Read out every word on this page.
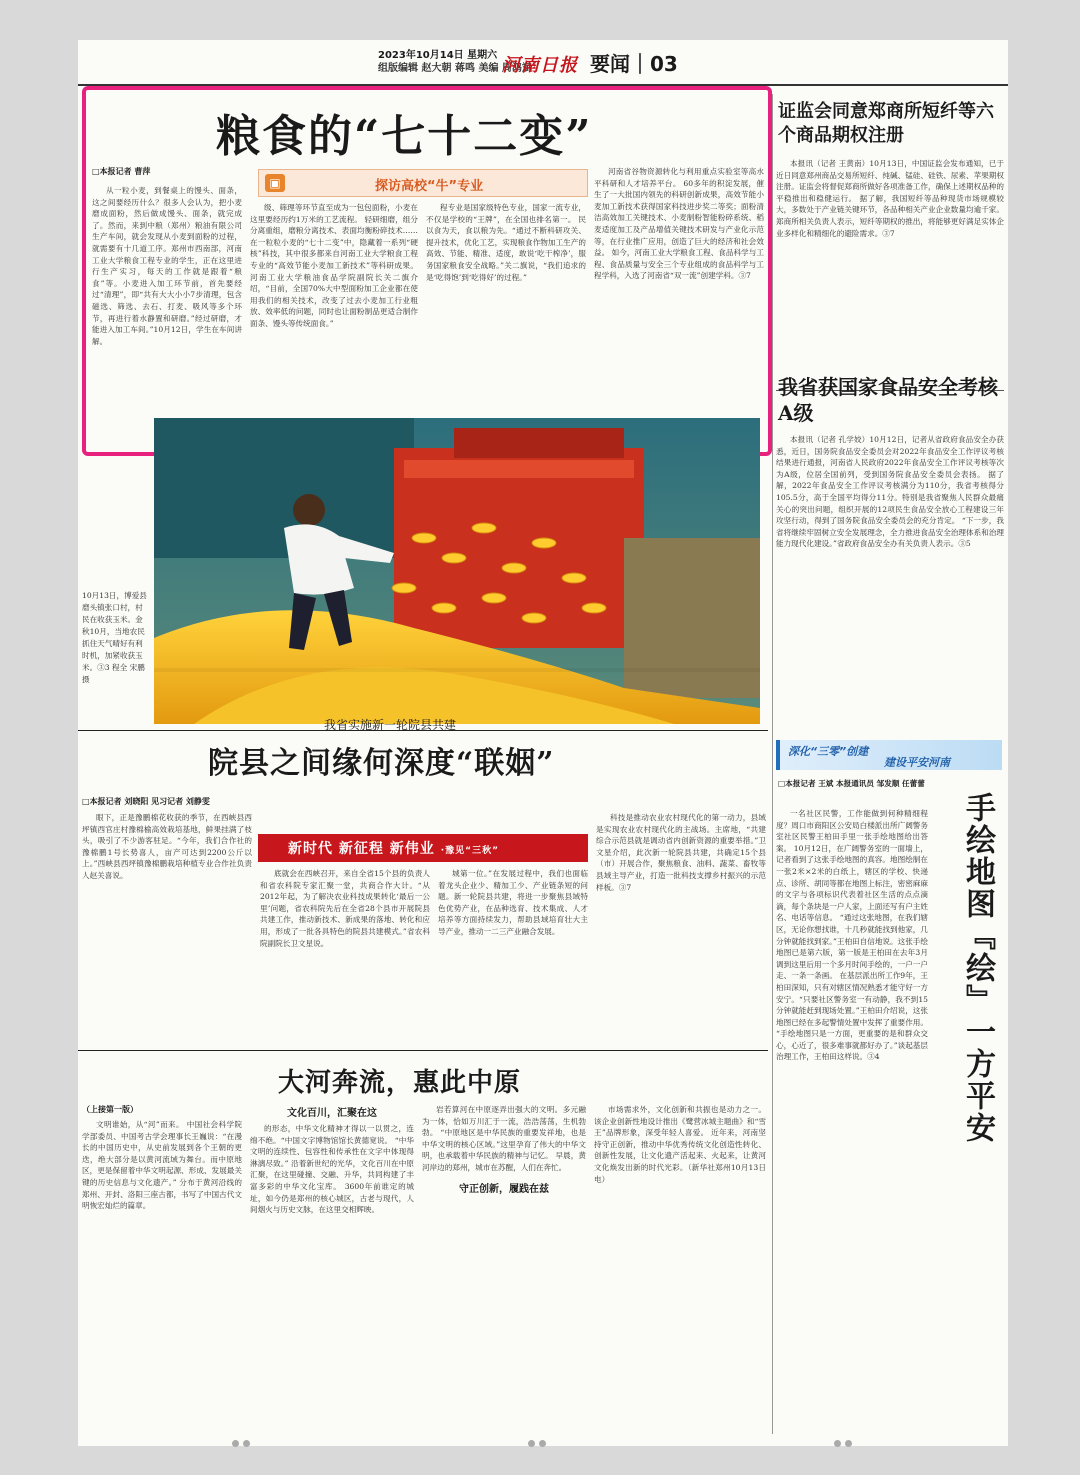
2023年10月14日 星期六
组版编辑 赵大朝 蒋鸣 美编 周鸿斌
河南日报 要闻｜03
粮食的“七十二变”
▣	探访高校“牛”专业
□本报记者 曹萍

从一粒小麦，到餐桌上的馒头、面条，这之间要经历什么？很多人会认为，把小麦磨成面粉，然后做成馒头、面条，就完成了。然而，来到中粮（郑州）粮油有限公司生产车间，就会发现从小麦到面粉的过程，就需要有十几道工序。郑州市西南部，河南工业大学粮食工程专业的学生，正在这里进行生产实习，每天的工作就是跟着“粮食”等。小麦进入加工环节前，首先要经过“清理”，即“共有大大小小7步清理，包含磁选、筛选、去石、打麦、吸风等多个环节，再进行着水静置和研磨。”经过研磨，才能进入加工车间。”10月12日，学生在车间讲解。

级、筛理等环节直至成为一包包面粉，小麦在这里要经历约1万米的工艺流程。 轻研细磨，组分分离重组，磨粮分离技术、表面均衡粉碎技术……在一粒粒小麦的“七十二变”中，隐藏着一系列“硬核”科技，其中很多都来自河南工业大学粮食工程专业的“高效节能小麦加工新技术”等科研成果。 河南工业大学粮油食品学院副院长关二旗介绍，“目前，全国70%大中型面粉加工企业都在使用我们的相关技术，改变了过去小麦加工行业粗放、效率低的问题，同时也让面粉制品更适合制作面条、馒头等传统面食。”

程专业是国家级特色专业，国家一流专业，不仅是学校的“王牌”，在全国也排名第一。 民以食为天，食以粮为先。“通过不断科研攻关、提升技术，优化工艺，实现粮食作物加工生产的高效、节能、精准、适度，敢说‘吃干榨净’，服务国家粮食安全战略。”关二旗说，“我们追求的是‘吃得饱’到‘吃得好’的过程。”

河南省谷物资源转化与利用重点实验室等高水平科研和人才培养平台。 60多年的积淀发展，催生了一大批国内领先的科研创新成果，高效节能小麦加工新技术获得国家科技进步奖二等奖；面粉清洁高效加工关键技术、小麦制粉智能粉碎系统、稻麦适度加工及产品增值关键技术研发与产业化示范等，在行业推广应用，创造了巨大的经济和社会效益。 如今，河南工业大学粮食工程、食品科学与工程、食品质量与安全三个专业组成的食品科学与工程学科，入选了河南省“双一流”创建学科。③7

证监会同意郑商所短纤等六个商品期权注册

本报讯（记者 王黄南）10月13日，中国证监会发布通知，已于近日同意郑州商品交易所短纤、纯碱、锰硅、硅铁、尿素、苹果期权注册。证监会将督促郑商所做好各项准备工作，确保上述期权品种的平稳推出和稳健运行。 据了解，我国短纤等品种现货市场规模较大，多数处于产业链关键环节，各品种相关产业企业数量均逾千家。郑商所相关负责人表示，短纤等期权的推出，将能够更好满足实体企业多样化和精细化的避险需求。③7

我省获国家食品安全考核A级

本报讯（记者 孔学姣）10月12日，记者从省政府食品安全办获悉，近日，国务院食品安全委员会对2022年食品安全工作评议考核结果进行通报，河南省人民政府2022年食品安全工作评议考核等次为A级，位居全国前列，受到国务院食品安全委员会表扬。 据了解，2022年食品安全工作评议考核满分为110分，我省考核得分105.5分，高于全国平均得分11分。特别是我省聚焦人民群众最痛关心的突出问题，组织开展的12项民生食品安全放心工程建设三年攻坚行动，得到了国务院食品安全委员会的充分肯定。 “下一步，我省将继续牢固树立安全发展理念，全力推进食品安全治理体系和治理能力现代化建设。”省政府食品安全办有关负责人表示。③5

深化“三零”创建
建设平安河南
□本报记者 王斌 本报通讯员 邹发顺 任蕾蕾

一名社区民警，工作能做到何种精细程度？周口市商阳区公安局白楼派出所广阔警务室社区民警王柏田手里一张手绘地图给出答案。 10月12日，在广阔警务室的一面墙上，记者看到了这张手绘地图的真容。地图绘制在一张2米×2米的白纸上，辖区的学校、快递点、诊所、胡同等都在地图上标注，密密麻麻的文字与各项标识代表着社区生活的点点滴滴，每个条块是一户人家，上面还写有户主姓名、电话等信息。 “通过这张地图，在我们辖区，无论你想找谁，十几秒就能找到他家，几分钟就能找到家。”王柏田自信地说。这张手绘地图已是第六版，第一版是王柏田在去年3月调到这里后用一个多月时间手绘的，一户一户走、一条一条画。 在基层派出所工作9年，王柏田深知，只有对辖区情况熟悉才能守好一方安宁。“只要社区警务室一有动静，我不到15分钟就能赶到现场处置。”王柏田介绍说，这张地图已经在多起警情处置中发挥了重要作用。 “手绘地图只是一方面，更重要的是和群众交心，心近了，很多难事就都好办了。”谈起基层治理工作，王柏田这样说。③4	手绘地图『绘』一方平安
10月13日，博爱县磨头镇张口村，村民在收获玉米。金秋10月，当地农民抓住天气晴好有利时机，加紧收获玉米。③3 程全 宋鹏 摄
我省实施新一轮院县共建
院县之间缘何深度“联姻”
□本报记者 刘晓阳 见习记者 刘静雯
新时代 新征程 新伟业 ·豫见“三秋”

眼下，正是豫鹏棉花收获的季节，在西峡县西坪镇西官庄村豫棉榆高效栽培基地，鲜果挂满了枝头，吸引了不少游客驻足。“今年，我们合作社的豫棉鹏1号长势喜人，亩产可达到2200公斤以上。”西峡县西坪镇豫棉鹏栽培种植专业合作社负责人赵关喜说。	底就会在西峡召开，来自全省15个县的负责人和省农科院专家汇聚一堂，共商合作大计。“从2012年起，为了解决农业科技成果转化‘最后一公里’问题，省农科院先后在全省28个县市开展院县共建工作，推动新技术、新成果的落地、转化和应用，形成了一批各具特色的院县共建模式。”省农科院副院长卫文星说。

城第一位。”在发展过程中，我们也面临着龙头企业少、精加工少、产业链条短的问题。新一轮院县共建，将进一步聚焦县域特色优势产业，在品种选育、技术集成、人才培养等方面持续发力，帮助县域培育壮大主导产业，推动一二三产业融合发展。

科技是推动农业农村现代化的第一动力，县域是实现农业农村现代化的主战场。主席地，“共建综合示范县就是调动省内创新资源的重要举措。”卫文星介绍，此次新一轮院县共建，共确定15个县（市）开展合作，聚焦粮食、油料、蔬菜、畜牧等县域主导产业，打造一批科技支撑乡村振兴的示范样板。③7

大河奔流，惠此中原
（上接第一版）

文明谁始，从“河”而来。 中国社会科学院学部委员、中国考古学会理事长王巍说：“在漫长的中国历史中，从史前发展到各个王朝的更迭，绝大部分是以黄河流域为舞台。而中原地区，更是保留着中华文明起源、形成、发展最关键的历史信息与文化遗产。” 分布于黄河沿线的郑州、开封、洛阳三座古都，书写了中国古代文明恢宏灿烂的篇章。

文化百川，汇聚在这

的形态，中华文化精神才得以一以贯之，连绵不绝。“中国文字博物馆馆长黄德宽说。 “中华文明的连续性、包容性和传承性在文字中体现得淋漓尽致。” 沿着新世纪的光华，文化百川在中原汇聚，在这里碰撞、交融、升华，共同构建了丰富多彩的中华文化宝库。 3600年前谁定的城址，如今仍是郑州的核心城区，古老与现代，人间烟火与历史文脉，在这里交相辉映。

岩若算河在中原逐弄出强大的文明。多元融为一体，恰如万川汇于一流，浩浩荡荡，生机勃勃。 “中原地区是中华民族的重要发祥地，也是中华文明的核心区域。”这里孕育了伟大的中华文明，也承载着中华民族的精神与记忆。 早晨，黄河岸边的郑州，城市在苏醒，人们在奔忙。

守正创新，履践在兹

市场需求外，文化创新和共振也是动力之一。该企业创新性地设计推出《鹭营冰城主题曲》和“雪王”品牌形象，深受年轻人喜爱。 近年来，河南坚持守正创新，推动中华优秀传统文化创造性转化、创新性发展，让文化遗产活起来、火起来，让黄河文化焕发出新的时代光彩。（新华社郑州10月13日电）
